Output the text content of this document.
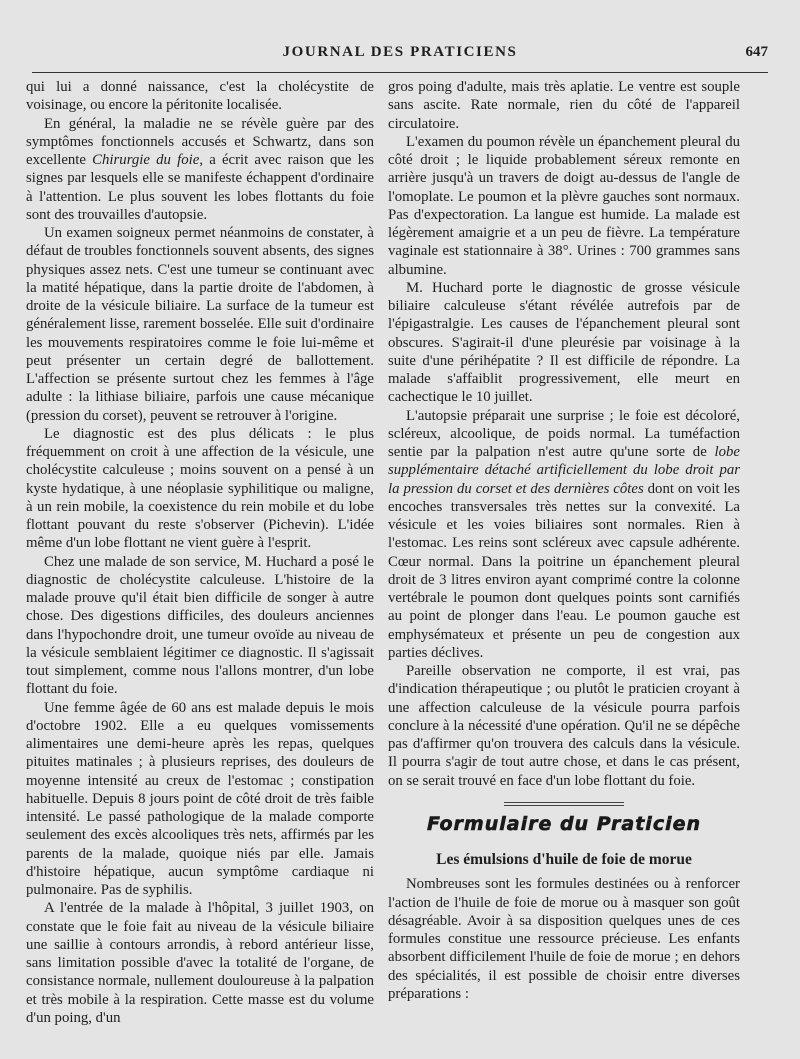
JOURNAL DES PRATICIENS	647

qui lui a donné naissance, c'est la cholécystite de voisinage, ou encore la péritonite localisée.

En général, la maladie ne se révèle guère par des symptômes fonctionnels accusés et Schwartz, dans son excellente Chirurgie du foie, a écrit avec raison que les signes par lesquels elle se manifeste échappent d'ordinaire à l'attention. Le plus souvent les lobes flottants du foie sont des trouvailles d'autopsie.

Un examen soigneux permet néanmoins de constater, à défaut de troubles fonctionnels souvent absents, des signes physiques assez nets. C'est une tumeur se continuant avec la matité hépatique, dans la partie droite de l'abdomen, à droite de la vésicule biliaire. La surface de la tumeur est généralement lisse, rarement bosselée. Elle suit d'ordinaire les mouvements respiratoires comme le foie lui-même et peut présenter un certain degré de ballottement. L'affection se présente surtout chez les femmes à l'âge adulte : la lithiase biliaire, parfois une cause mécanique (pression du corset), peuvent se retrouver à l'origine.

Le diagnostic est des plus délicats : le plus fréquemment on croit à une affection de la vésicule, une cholécystite calculeuse ; moins souvent on a pensé à un kyste hydatique, à une néoplasie syphilitique ou maligne, à un rein mobile, la coexistence du rein mobile et du lobe flottant pouvant du reste s'observer (Pichevin). L'idée même d'un lobe flottant ne vient guère à l'esprit.

Chez une malade de son service, M. Huchard a posé le diagnostic de cholécystite calculeuse. L'histoire de la malade prouve qu'il était bien difficile de songer à autre chose. Des digestions difficiles, des douleurs anciennes dans l'hypochondre droit, une tumeur ovoïde au niveau de la vésicule semblaient légitimer ce diagnostic. Il s'agissait tout simplement, comme nous l'allons montrer, d'un lobe flottant du foie.

Une femme âgée de 60 ans est malade depuis le mois d'octobre 1902. Elle a eu quelques vomissements alimentaires une demi-heure après les repas, quelques pituites matinales ; à plusieurs reprises, des douleurs de moyenne intensité au creux de l'estomac ; constipation habituelle. Depuis 8 jours point de côté droit de très faible intensité. Le passé pathologique de la malade comporte seulement des excès alcooliques très nets, affirmés par les parents de la malade, quoique niés par elle. Jamais d'histoire hépatique, aucun symptôme cardiaque ni pulmonaire. Pas de syphilis.

A l'entrée de la malade à l'hôpital, 3 juillet 1903, on constate que le foie fait au niveau de la vésicule biliaire une saillie à contours arrondis, à rebord antérieur lisse, sans limitation possible d'avec la totalité de l'organe, de consistance normale, nullement douloureuse à la palpation et très mobile à la respiration. Cette masse est du volume d'un poing, d'un

gros poing d'adulte, mais très aplatie. Le ventre est souple sans ascite. Rate normale, rien du côté de l'appareil circulatoire.

L'examen du poumon révèle un épanchement pleural du côté droit ; le liquide probablement séreux remonte en arrière jusqu'à un travers de doigt au-dessus de l'angle de l'omoplate. Le poumon et la plèvre gauches sont normaux. Pas d'expectoration. La langue est humide. La malade est légèrement amaigrie et a un peu de fièvre. La température vaginale est stationnaire à 38°. Urines : 700 grammes sans albumine.

M. Huchard porte le diagnostic de grosse vésicule biliaire calculeuse s'étant révélée autrefois par de l'épigastralgie. Les causes de l'épanchement pleural sont obscures. S'agirait-il d'une pleurésie par voisinage à la suite d'une périhépatite ? Il est difficile de répondre. La malade s'affaiblit progressivement, elle meurt en cachectique le 10 juillet.

L'autopsie préparait une surprise ; le foie est décoloré, scléreux, alcoolique, de poids normal. La tuméfaction sentie par la palpation n'est autre qu'une sorte de lobe supplémentaire détaché artificiellement du lobe droit par la pression du corset et des dernières côtes dont on voit les encoches transversales très nettes sur la convexité. La vésicule et les voies biliaires sont normales. Rien à l'estomac. Les reins sont scléreux avec capsule adhérente. Cœur normal. Dans la poitrine un épanchement pleural droit de 3 litres environ ayant comprimé contre la colonne vertébrale le poumon dont quelques points sont carnifiés au point de plonger dans l'eau. Le poumon gauche est emphysémateux et présente un peu de congestion aux parties déclives.

Pareille observation ne comporte, il est vrai, pas d'indication thérapeutique ; ou plutôt le praticien croyant à une affection calculeuse de la vésicule pourra parfois conclure à la nécessité d'une opération. Qu'il ne se dépêche pas d'affirmer qu'on trouvera des calculs dans la vésicule. Il pourra s'agir de tout autre chose, et dans le cas présent, on se serait trouvé en face d'un lobe flottant du foie.

Formulaire du Praticien
Les émulsions d'huile de foie de morue

Nombreuses sont les formules destinées ou à renforcer l'action de l'huile de foie de morue ou à masquer son goût désagréable. Avoir à sa disposition quelques unes de ces formules constitue une ressource précieuse. Les enfants absorbent difficilement l'huile de foie de morue ; en dehors des spécialités, il est possible de choisir entre diverses préparations :
